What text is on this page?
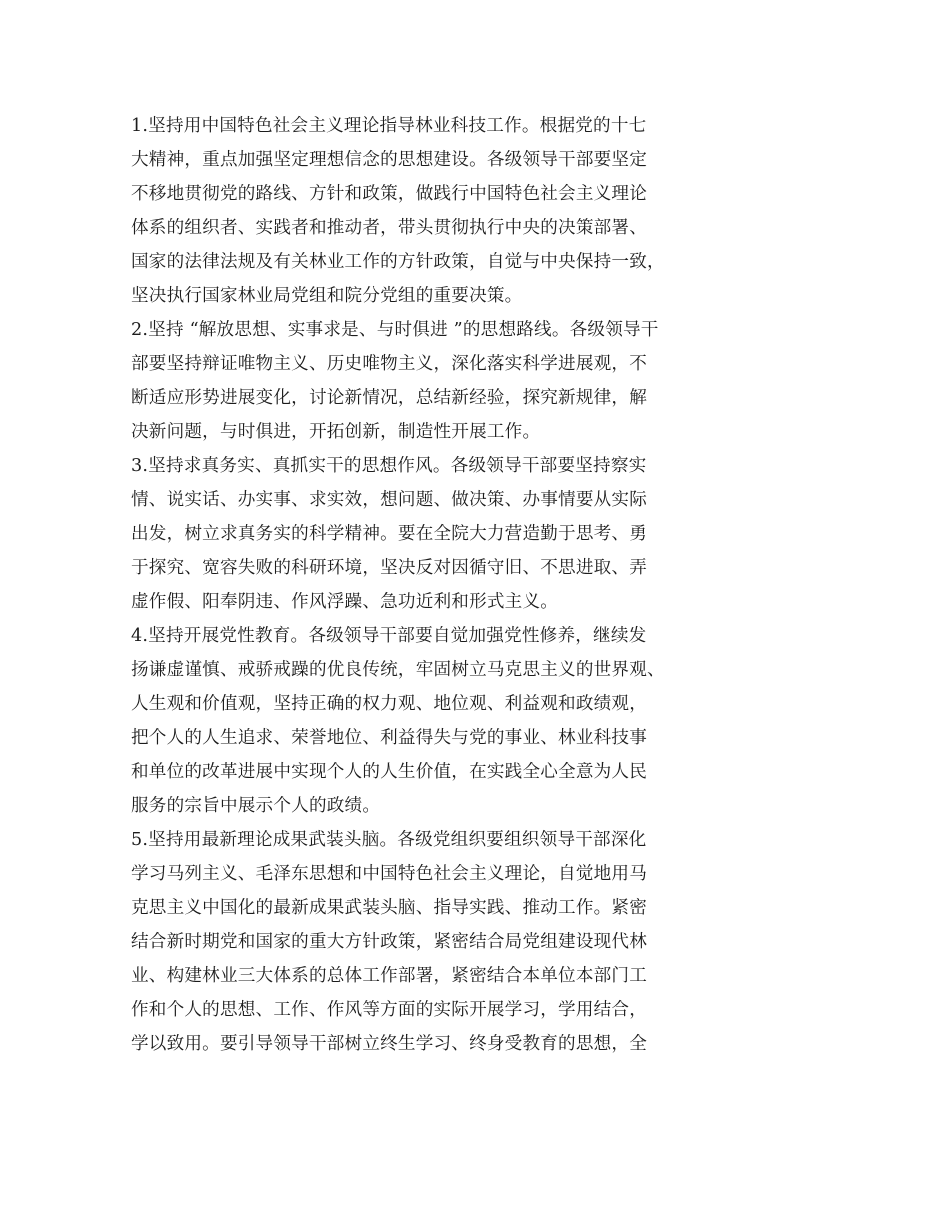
1.坚持用中国特色社会主义理论指导林业科技工作。根据党的十七
大精神，重点加强坚定理想信念的思想建设。各级领导干部要坚定
不移地贯彻党的路线、方针和政策，做践行中国特色社会主义理论
体系的组织者、实践者和推动者，带头贯彻执行中央的决策部署、
国家的法律法规及有关林业工作的方针政策，自觉与中央保持一致，
坚决执行国家林业局党组和院分党组的重要决策。
2.坚持 “解放思想、实事求是、与时俱进 ”的思想路线。各级领导干
部要坚持辩证唯物主义、历史唯物主义，深化落实科学进展观，不
断适应形势进展变化，讨论新情况，总结新经验，探究新规律，解
决新问题，与时俱进，开拓创新，制造性开展工作。
3.坚持求真务实、真抓实干的思想作风。各级领导干部要坚持察实
情、说实话、办实事、求实效，想问题、做决策、办事情要从实际
出发，树立求真务实的科学精神。要在全院大力营造勤于思考、勇
于探究、宽容失败的科研环境，坚决反对因循守旧、不思进取、弄
虚作假、阳奉阴违、作风浮躁、急功近利和形式主义。
4.坚持开展党性教育。各级领导干部要自觉加强党性修养，继续发
扬谦虚谨慎、戒骄戒躁的优良传统，牢固树立马克思主义的世界观、
人生观和价值观，坚持正确的权力观、地位观、利益观和政绩观，
把个人的人生追求、荣誉地位、利益得失与党的事业、林业科技事
和单位的改革进展中实现个人的人生价值，在实践全心全意为人民
服务的宗旨中展示个人的政绩。
5.坚持用最新理论成果武装头脑。各级党组织要组织领导干部深化
学习马列主义、毛泽东思想和中国特色社会主义理论，自觉地用马
克思主义中国化的最新成果武装头脑、指导实践、推动工作。紧密
结合新时期党和国家的重大方针政策，紧密结合局党组建设现代林
业、构建林业三大体系的总体工作部署，紧密结合本单位本部门工
作和个人的思想、工作、作风等方面的实际开展学习，学用结合，
学以致用。要引导领导干部树立终生学习、终身受教育的思想，全
